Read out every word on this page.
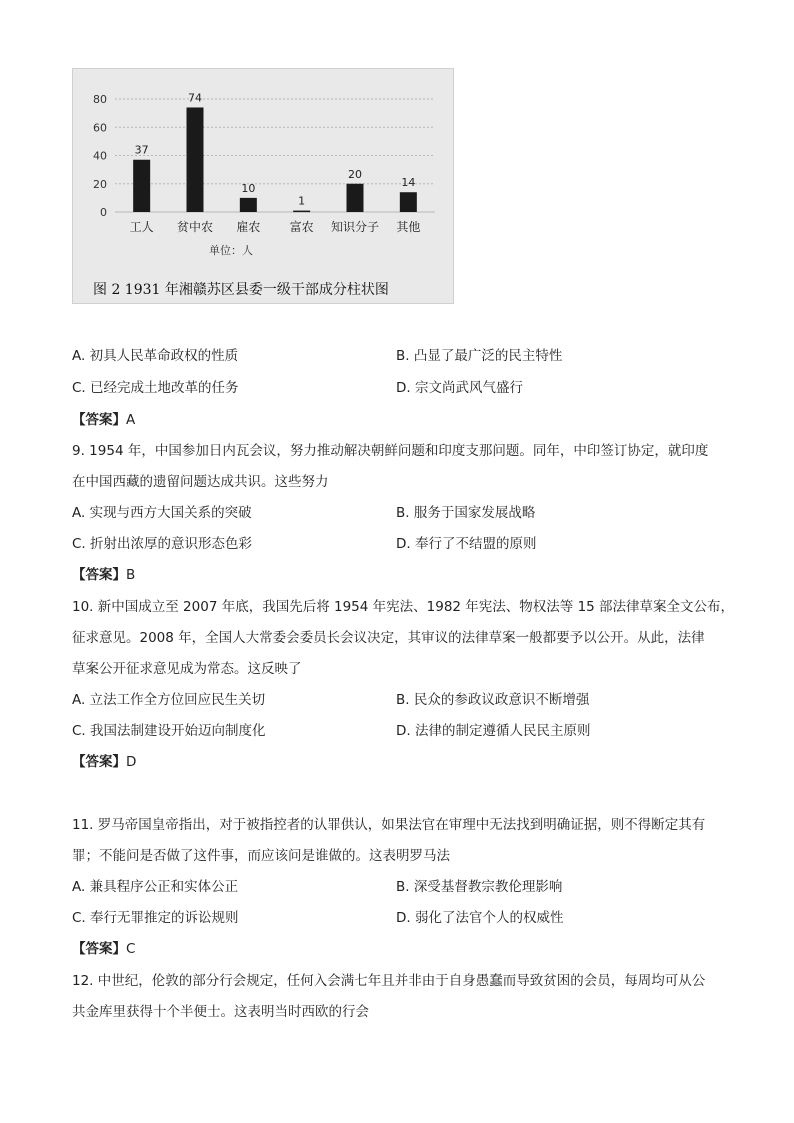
0
20
40
60
80
37
工人
74
贫中农
10
雇农
1
富农
20
知识分子
14
其他
单位：人
图 2 1931 年湘赣苏区县委一级干部成分柱状图
A. 初具人民革命政权的性质	B. 凸显了最广泛的民主特性
C. 已经完成土地改革的任务	D. 宗文尚武风气盛行
【答案】A
9. 1954 年，中国参加日内瓦会议，努力推动解决朝鲜问题和印度支那问题。同年，中印签订协定，就印度
在中国西藏的遗留问题达成共识。这些努力
A. 实现与西方大国关系的突破	B. 服务于国家发展战略
C. 折射出浓厚的意识形态色彩	D. 奉行了不结盟的原则
【答案】B
10. 新中国成立至 2007 年底，我国先后将 1954 年宪法、1982 年宪法、物权法等 15 部法律草案全文公布，
征求意见。2008 年，全国人大常委会委员长会议决定，其审议的法律草案一般都要予以公开。从此，法律
草案公开征求意见成为常态。这反映了
A. 立法工作全方位回应民生关切	B. 民众的参政议政意识不断增强
C. 我国法制建设开始迈向制度化	D. 法律的制定遵循人民民主原则
【答案】D
11. 罗马帝国皇帝指出，对于被指控者的认罪供认，如果法官在审理中无法找到明确证据，则不得断定其有
罪；不能问是否做了这件事，而应该问是谁做的。这表明罗马法
A. 兼具程序公正和实体公正	B. 深受基督教宗教伦理影响
C. 奉行无罪推定的诉讼规则	D. 弱化了法官个人的权威性
【答案】C
12. 中世纪，伦敦的部分行会规定，任何入会满七年且并非由于自身愚蠢而导致贫困的会员，每周均可从公
共金库里获得十个半便士。这表明当时西欧的行会
